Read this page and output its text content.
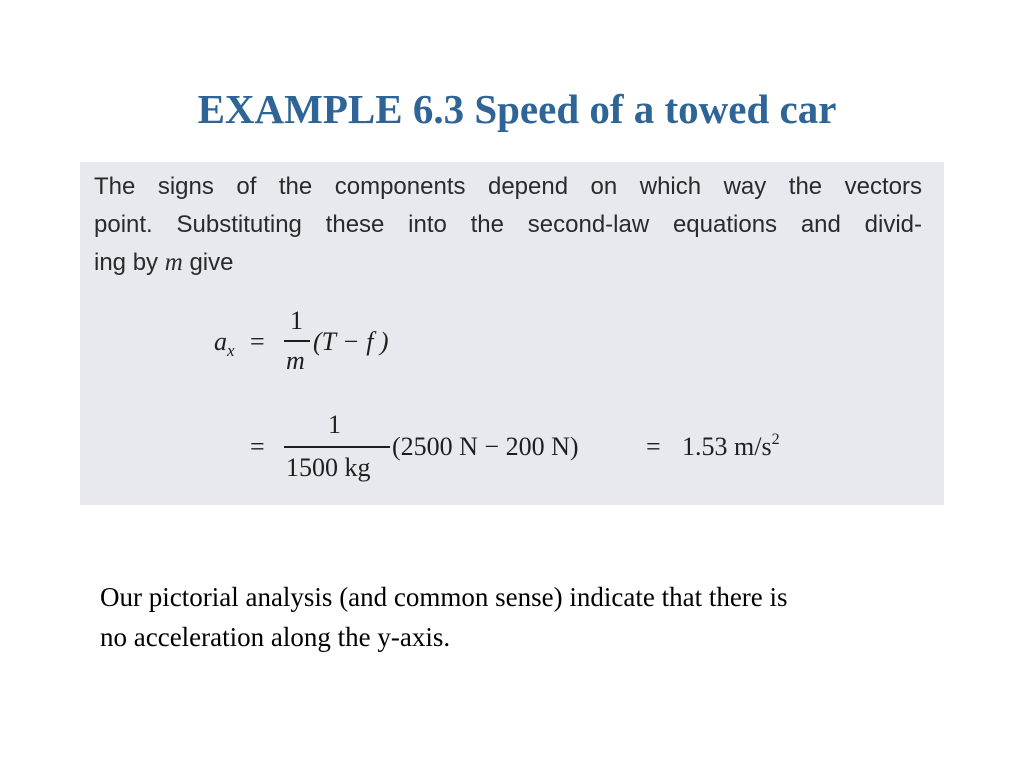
EXAMPLE 6.3 Speed of a towed car
The signs of the components depend on which way the vectors
point. Substituting these into the second-law equations and divid-
ing by m give
$a_x$ =
1
m
(T − f )
=
1
1500 kg
(2500 N − 200 N)	= 1.53 $m/s^2$
Our pictorial analysis (and common sense) indicate that there is
no acceleration along the y-axis.
